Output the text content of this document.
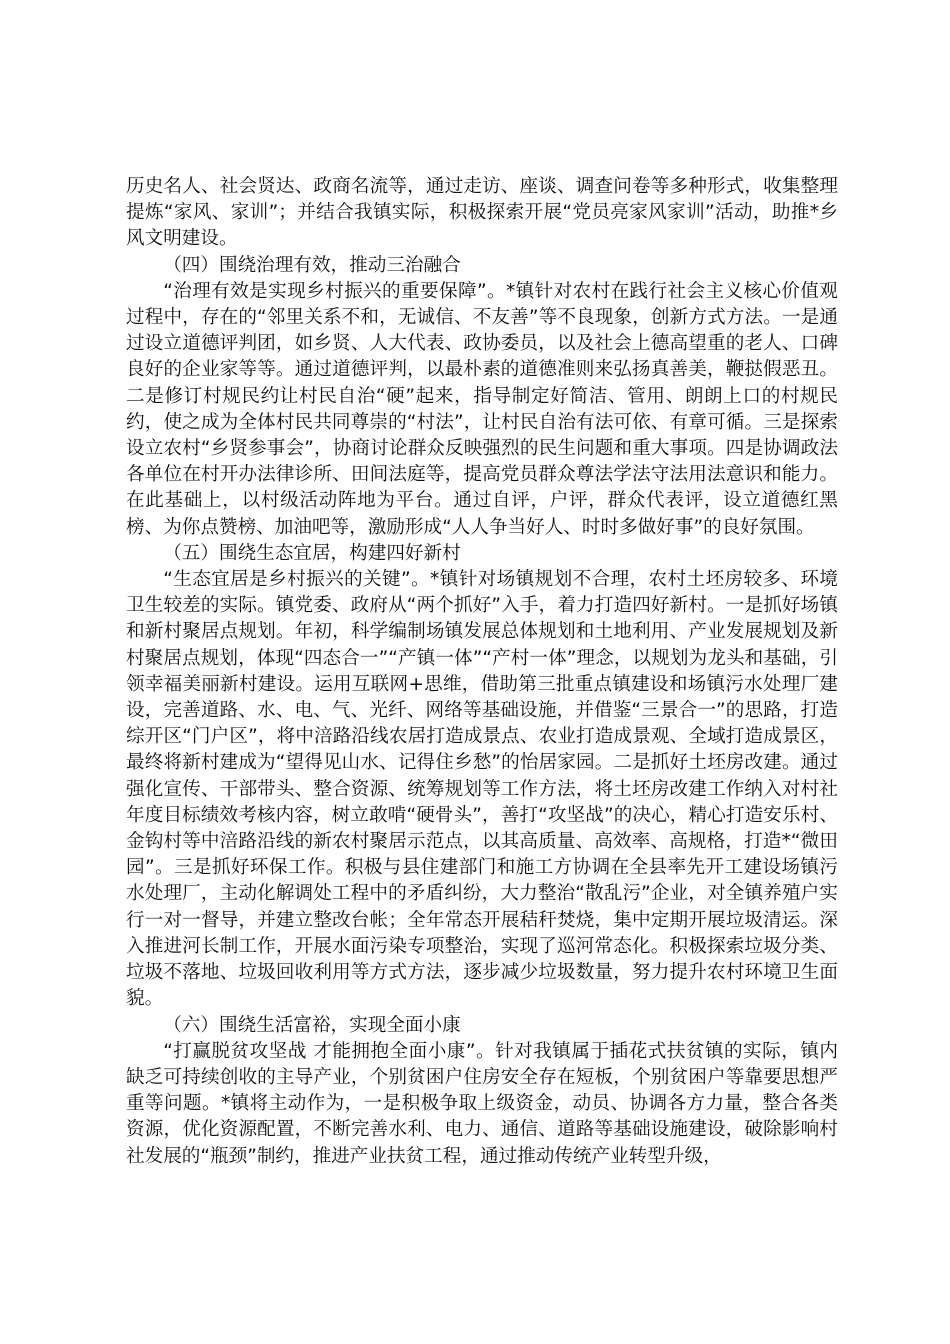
历史名人、社会贤达、政商名流等，通过走访、座谈、调查问卷等多种形式，收集整理提炼“家风、家训”；并结合我镇实际，积极探索开展“党员亮家风家训”活动，助推*乡风文明建设。

（四）围绕治理有效，推动三治融合

“治理有效是实现乡村振兴的重要保障”。*镇针对农村在践行社会主义核心价值观过程中，存在的“邻里关系不和，无诚信、不友善”等不良现象，创新方式方法。一是通过设立道德评判团，如乡贤、人大代表、政协委员，以及社会上德高望重的老人、口碑良好的企业家等等。通过道德评判，以最朴素的道德准则来弘扬真善美，鞭挞假恶丑。二是修订村规民约让村民自治“硬”起来，指导制定好简洁、管用、朗朗上口的村规民约，使之成为全体村民共同尊崇的“村法”，让村民自治有法可依、有章可循。三是探索设立农村“乡贤参事会”，协商讨论群众反映强烈的民生问题和重大事项。四是协调政法各单位在村开办法律诊所、田间法庭等，提高党员群众尊法学法守法用法意识和能力。在此基础上，以村级活动阵地为平台。通过自评，户评，群众代表评，设立道德红黑榜、为你点赞榜、加油吧等，激励形成“人人争当好人、时时多做好事”的良好氛围。

（五）围绕生态宜居，构建四好新村

“生态宜居是乡村振兴的关键”。*镇针对场镇规划不合理，农村土坯房较多、环境卫生较差的实际。镇党委、政府从“两个抓好”入手，着力打造四好新村。一是抓好场镇和新村聚居点规划。年初，科学编制场镇发展总体规划和土地利用、产业发展规划及新村聚居点规划，体现“四态合一”“产镇一体”“产村一体”理念，以规划为龙头和基础，引领幸福美丽新村建设。运用互联网+思维，借助第三批重点镇建设和场镇污水处理厂建设，完善道路、水、电、气、光纤、网络等基础设施，并借鉴“三景合一”的思路，打造综开区“门户区”，将中涪路沿线农居打造成景点、农业打造成景观、全域打造成景区，最终将新村建成为“望得见山水、记得住乡愁”的怡居家园。二是抓好土坯房改建。通过强化宣传、干部带头、整合资源、统筹规划等工作方法，将土坯房改建工作纳入对村社年度目标绩效考核内容，树立敢啃“硬骨头”，善打“攻坚战”的决心，精心打造安乐村、金钩村等中涪路沿线的新农村聚居示范点，以其高质量、高效率、高规格，打造*“微田园”。三是抓好环保工作。积极与县住建部门和施工方协调在全县率先开工建设场镇污水处理厂，主动化解调处工程中的矛盾纠纷，大力整治“散乱污”企业，对全镇养殖户实行一对一督导，并建立整改台帐；全年常态开展秸秆焚烧，集中定期开展垃圾清运。深入推进河长制工作，开展水面污染专项整治，实现了巡河常态化。积极探索垃圾分类、垃圾不落地、垃圾回收利用等方式方法，逐步减少垃圾数量，努力提升农村环境卫生面貌。

（六）围绕生活富裕，实现全面小康

“打赢脱贫攻坚战 才能拥抱全面小康”。针对我镇属于插花式扶贫镇的实际，镇内缺乏可持续创收的主导产业，个别贫困户住房安全存在短板，个别贫困户等靠要思想严重等问题。*镇将主动作为，一是积极争取上级资金，动员、协调各方力量，整合各类资源，优化资源配置，不断完善水利、电力、通信、道路等基础设施建设，破除影响村社发展的“瓶颈”制约，推进产业扶贫工程，通过推动传统产业转型升级，
